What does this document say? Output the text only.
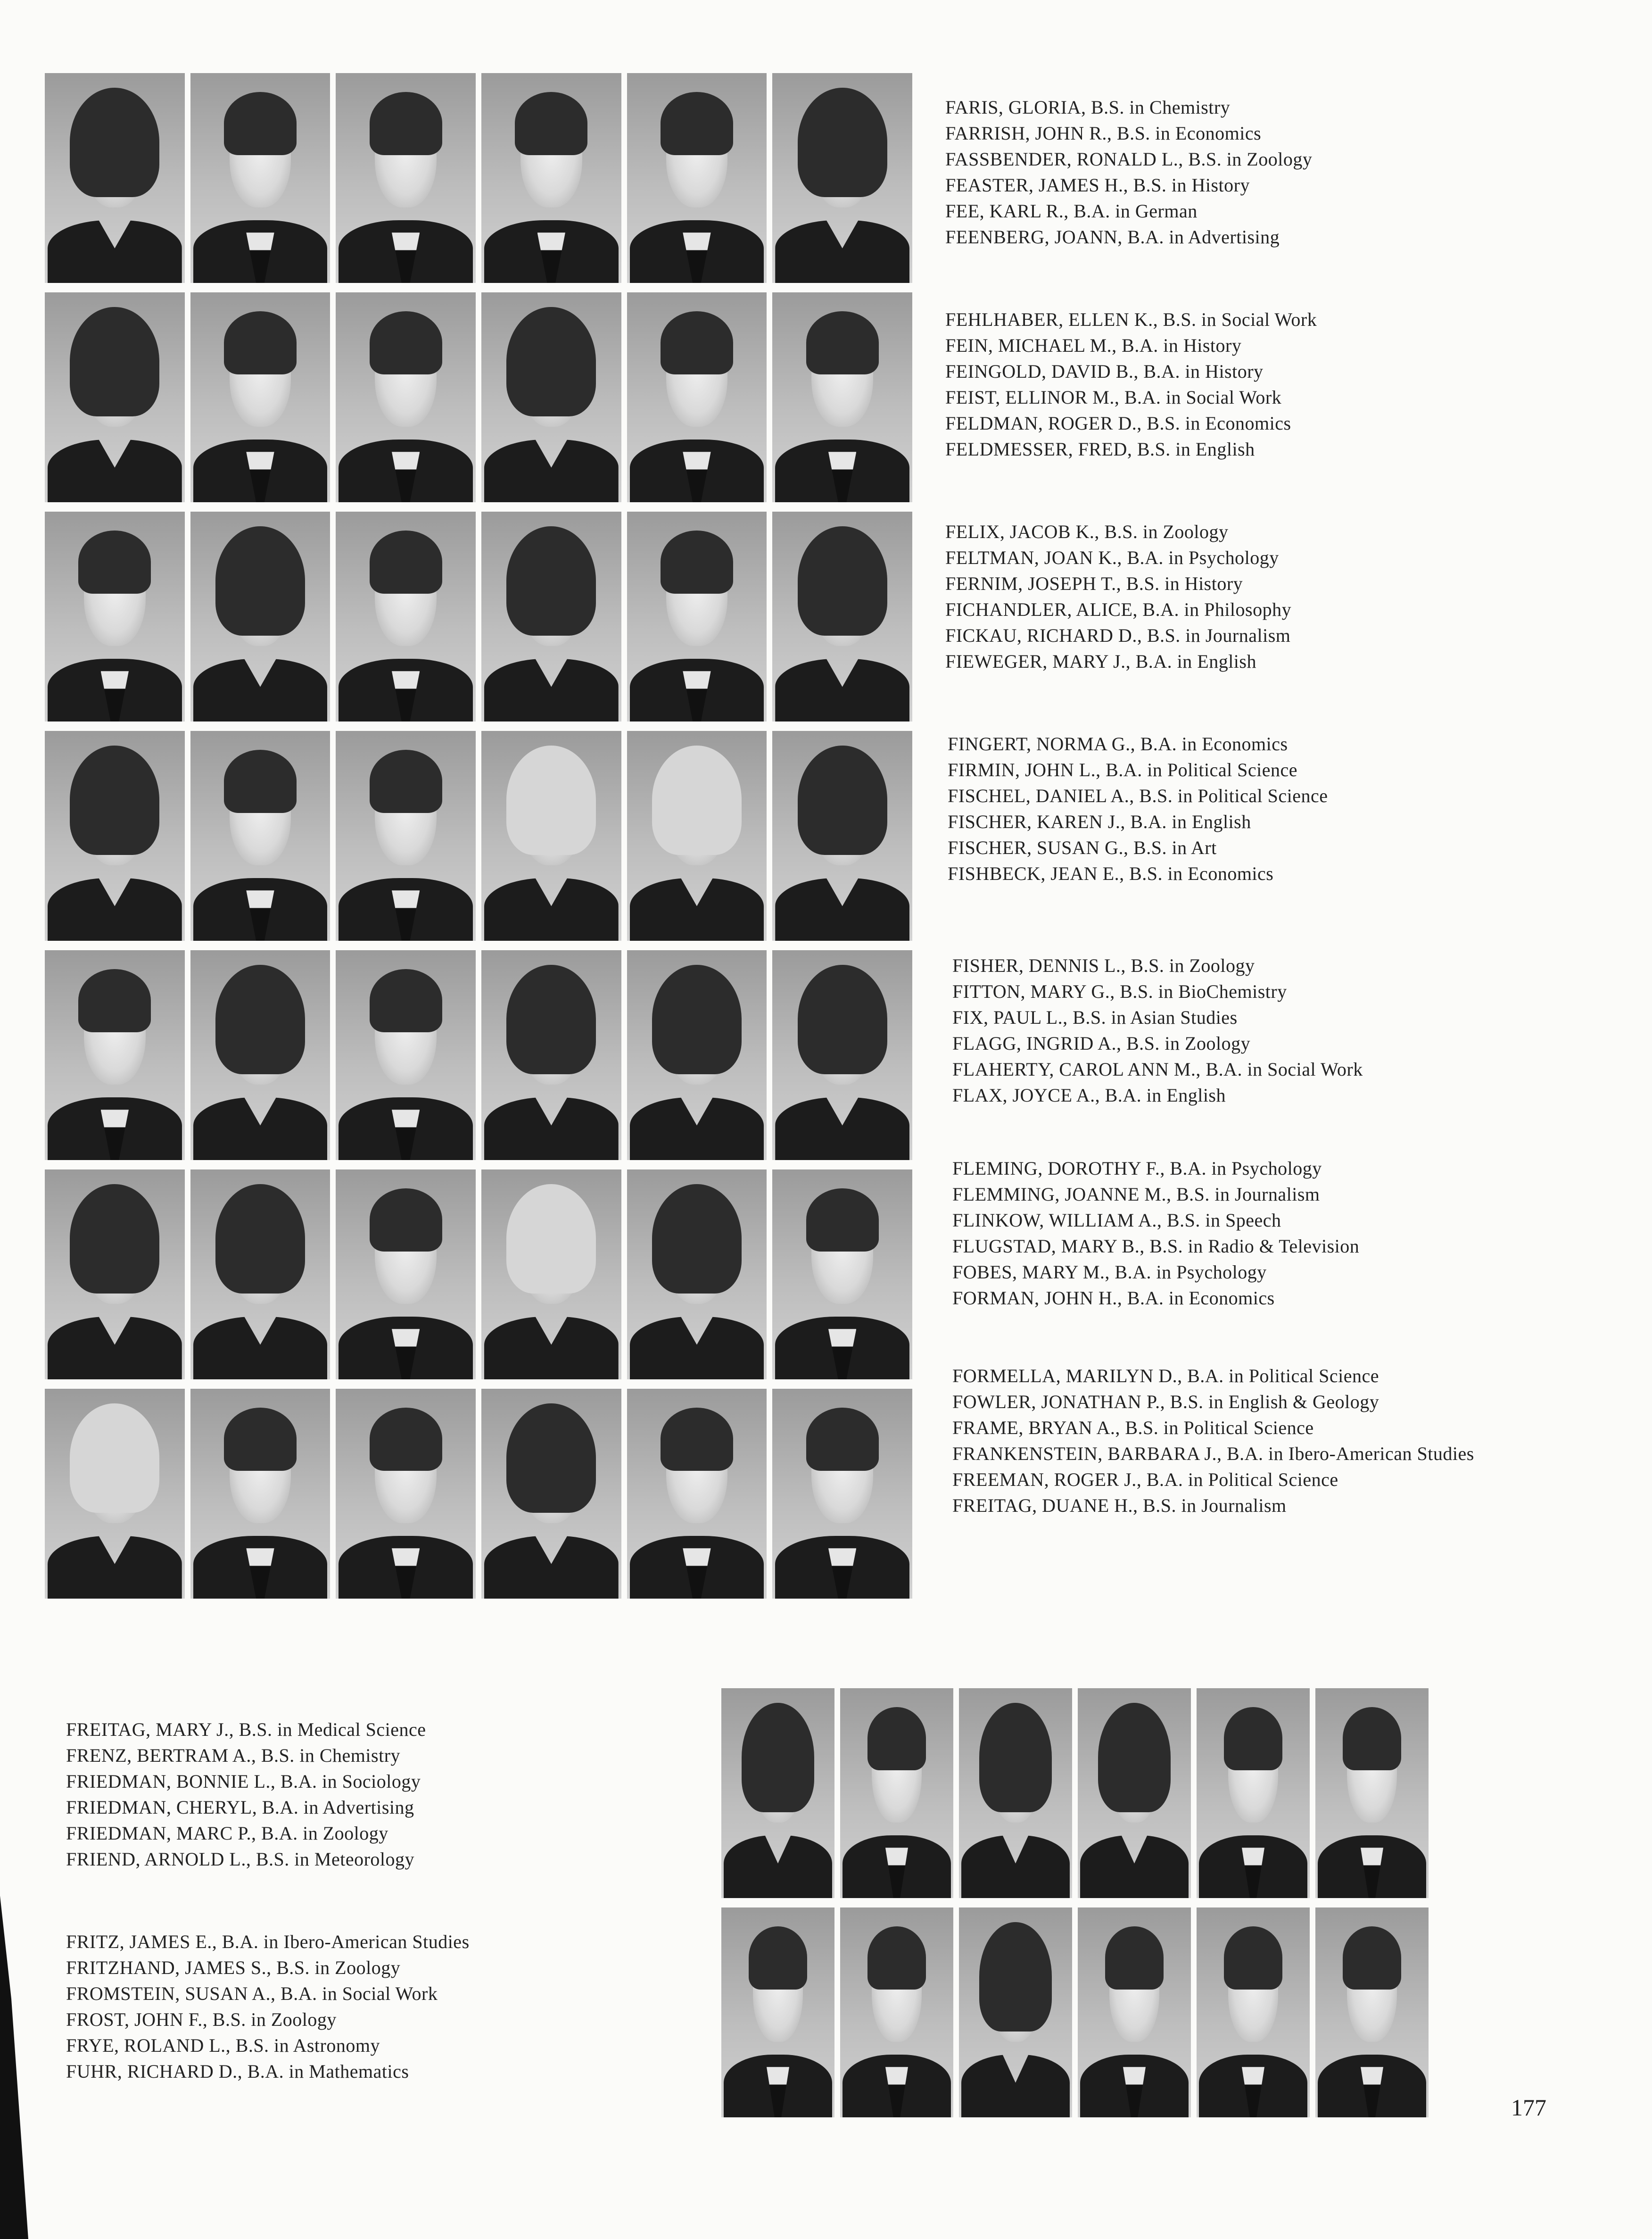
FARIS, GLORIA, B.S. in Chemistry
FARRISH, JOHN R., B.S. in Economics
FASSBENDER, RONALD L., B.S. in Zoology
FEASTER, JAMES H., B.S. in History
FEE, KARL R., B.A. in German
FEENBERG, JOANN, B.A. in Advertising
FEHLHABER, ELLEN K., B.S. in Social Work
FEIN, MICHAEL M., B.A. in History
FEINGOLD, DAVID B., B.A. in History
FEIST, ELLINOR M., B.A. in Social Work
FELDMAN, ROGER D., B.S. in Economics
FELDMESSER, FRED, B.S. in English
FELIX, JACOB K., B.S. in Zoology
FELTMAN, JOAN K., B.A. in Psychology
FERNIM, JOSEPH T., B.S. in History
FICHANDLER, ALICE, B.A. in Philosophy
FICKAU, RICHARD D., B.S. in Journalism
FIEWEGER, MARY J., B.A. in English
FINGERT, NORMA G., B.A. in Economics
FIRMIN, JOHN L., B.A. in Political Science
FISCHEL, DANIEL A., B.S. in Political Science
FISCHER, KAREN J., B.A. in English
FISCHER, SUSAN G., B.S. in Art
FISHBECK, JEAN E., B.S. in Economics
FISHER, DENNIS L., B.S. in Zoology
FITTON, MARY G., B.S. in BioChemistry
FIX, PAUL L., B.S. in Asian Studies
FLAGG, INGRID A., B.S. in Zoology
FLAHERTY, CAROL ANN M., B.A. in Social Work
FLAX, JOYCE A., B.A. in English
FLEMING, DOROTHY F., B.A. in Psychology
FLEMMING, JOANNE M., B.S. in Journalism
FLINKOW, WILLIAM A., B.S. in Speech
FLUGSTAD, MARY B., B.S. in Radio & Television
FOBES, MARY M., B.A. in Psychology
FORMAN, JOHN H., B.A. in Economics
FORMELLA, MARILYN D., B.A. in Political Science
FOWLER, JONATHAN P., B.S. in English & Geology
FRAME, BRYAN A., B.S. in Political Science
FRANKENSTEIN, BARBARA J., B.A. in Ibero-American Studies
FREEMAN, ROGER J., B.A. in Political Science
FREITAG, DUANE H., B.S. in Journalism
FREITAG, MARY J., B.S. in Medical Science
FRENZ, BERTRAM A., B.S. in Chemistry
FRIEDMAN, BONNIE L., B.A. in Sociology
FRIEDMAN, CHERYL, B.A. in Advertising
FRIEDMAN, MARC P., B.A. in Zoology
FRIEND, ARNOLD L., B.S. in Meteorology
FRITZ, JAMES E., B.A. in Ibero-American Studies
FRITZHAND, JAMES S., B.S. in Zoology
FROMSTEIN, SUSAN A., B.A. in Social Work
FROST, JOHN F., B.S. in Zoology
FRYE, ROLAND L., B.S. in Astronomy
FUHR, RICHARD D., B.A. in Mathematics
177
